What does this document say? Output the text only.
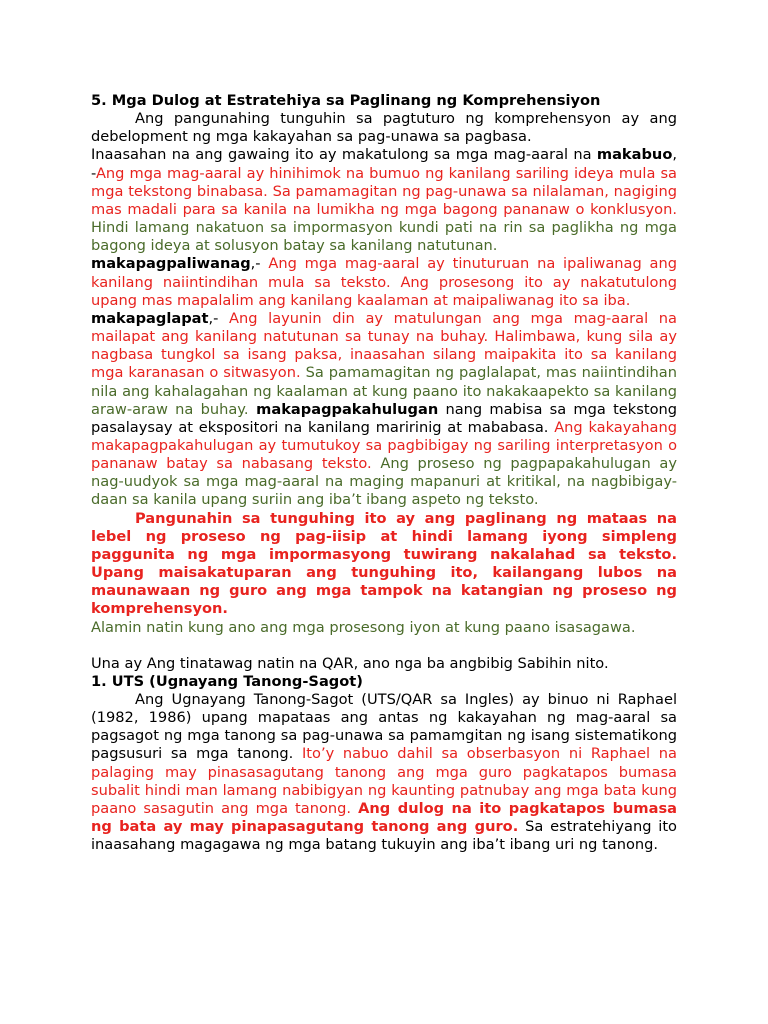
5. Mga Dulog at Estratehiya sa Paglinang ng Komprehensiyon

Ang pangunahing tunguhin sa pagtuturo ng komprehensyon ay ang debelopment ng mga kakayahan sa pag-unawa sa pagbasa.

Inaasahan na ang gawaing ito ay makatulong sa mga mag-aaral na makabuo, -Ang mga mag-aaral ay hinihimok na bumuo ng kanilang sariling ideya mula sa mga tekstong binabasa. Sa pamamagitan ng pag-unawa sa nilalaman, nagiging mas madali para sa kanila na lumikha ng mga bagong pananaw o konklusyon. Hindi lamang nakatuon sa impormasyon kundi pati na rin sa paglikha ng mga bagong ideya at solusyon batay sa kanilang natutunan.

makapagpaliwanag,- Ang mga mag-aaral ay tinuturuan na ipaliwanag ang kanilang naiintindihan mula sa teksto. Ang prosesong ito ay nakatutulong upang mas mapalalim ang kanilang kaalaman at maipaliwanag ito sa iba.

makapaglapat,- Ang layunin din ay matulungan ang mga mag-aaral na mailapat ang kanilang natutunan sa tunay na buhay. Halimbawa, kung sila ay nagbasa tungkol sa isang paksa, inaasahan silang maipakita ito sa kanilang mga karanasan o sitwasyon. Sa pamamagitan ng paglalapat, mas naiintindihan nila ang kahalagahan ng kaalaman at kung paano ito nakakaapekto sa kanilang araw-araw na buhay. makapagpakahulugan nang mabisa sa mga tekstong pasalaysay at ekspositori na kanilang maririnig at mababasa. Ang kakayahang makapagpakahulugan ay tumutukoy sa pagbibigay ng sariling interpretasyon o pananaw batay sa nabasang teksto. Ang proseso ng pagpapakahulugan ay nag-uudyok sa mga mag-aaral na maging mapanuri at kritikal, na nagbibigay-daan sa kanila upang suriin ang iba’t ibang aspeto ng teksto.

Pangunahin sa tunguhing ito ay ang paglinang ng mataas na lebel ng proseso ng pag-iisip at hindi lamang iyong simpleng paggunita ng mga impormasyong tuwirang nakalahad sa teksto. Upang maisakatuparan ang tunguhing ito, kailangang lubos na maunawaan ng guro ang mga tampok na katangian ng proseso ng komprehensyon.

Alamin natin kung ano ang mga prosesong iyon at kung paano isasagawa.

Una ay Ang tinatawag natin na QAR, ano nga ba angbibig Sabihin nito.

1. UTS (Ugnayang Tanong-Sagot)

Ang Ugnayang Tanong-Sagot (UTS/QAR sa Ingles) ay binuo ni Raphael (1982, 1986) upang mapataas ang antas ng kakayahan ng mag-aaral sa pagsagot ng mga tanong sa pag-unawa sa pamamgitan ng isang sistematikong pagsusuri sa mga tanong. Ito’y nabuo dahil sa obserbasyon ni Raphael na palaging may pinasasagutang tanong ang mga guro pagkatapos bumasa subalit hindi man lamang nabibigyan ng kaunting patnubay ang mga bata kung paano sasagutin ang mga tanong. Ang dulog na ito pagkatapos bumasa ng bata ay may pinapasagutang tanong ang guro. Sa estratehiyang ito inaasahang magagawa ng mga batang tukuyin ang iba’t ibang uri ng tanong.
